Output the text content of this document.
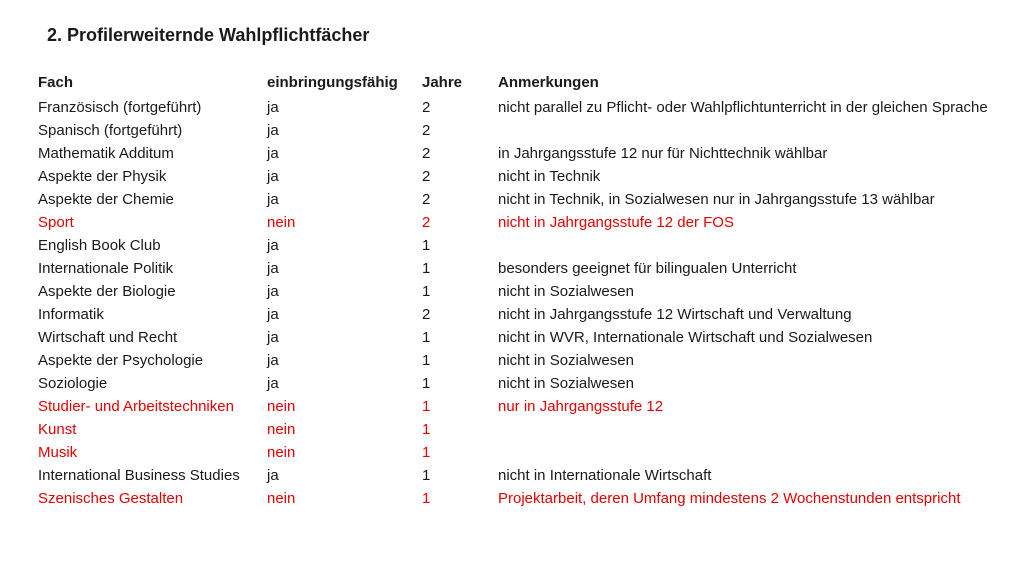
2. Profilerweiternde Wahlpflichtfächer
Fach	einbringungsfähig	Jahre	Anmerkungen
Französisch (fortgeführt)	ja	2	nicht parallel zu Pflicht- oder Wahlpflichtunterricht in der gleichen Sprache
Spanisch (fortgeführt)	ja	2
Mathematik Additum	ja	2	in Jahrgangsstufe 12 nur für Nichttechnik wählbar
Aspekte der Physik	ja	2	nicht in Technik
Aspekte der Chemie	ja	2	nicht in Technik, in Sozialwesen nur in Jahrgangsstufe 13 wählbar
Sport	nein	2	nicht in Jahrgangsstufe 12 der FOS
English Book Club	ja	1
Internationale Politik	ja	1	besonders geeignet für bilingualen Unterricht
Aspekte der Biologie	ja	1	nicht in Sozialwesen
Informatik	ja	2	nicht in Jahrgangsstufe 12 Wirtschaft und Verwaltung
Wirtschaft und Recht	ja	1	nicht in WVR, Internationale Wirtschaft und Sozialwesen
Aspekte der Psychologie	ja	1	nicht in Sozialwesen
Soziologie	ja	1	nicht in Sozialwesen
Studier- und Arbeitstechniken	nein	1	nur in Jahrgangsstufe 12
Kunst	nein	1
Musik	nein	1
International Business Studies	ja	1	nicht in Internationale Wirtschaft
Szenisches Gestalten	nein	1	Projektarbeit, deren Umfang mindestens 2 Wochenstunden entspricht
